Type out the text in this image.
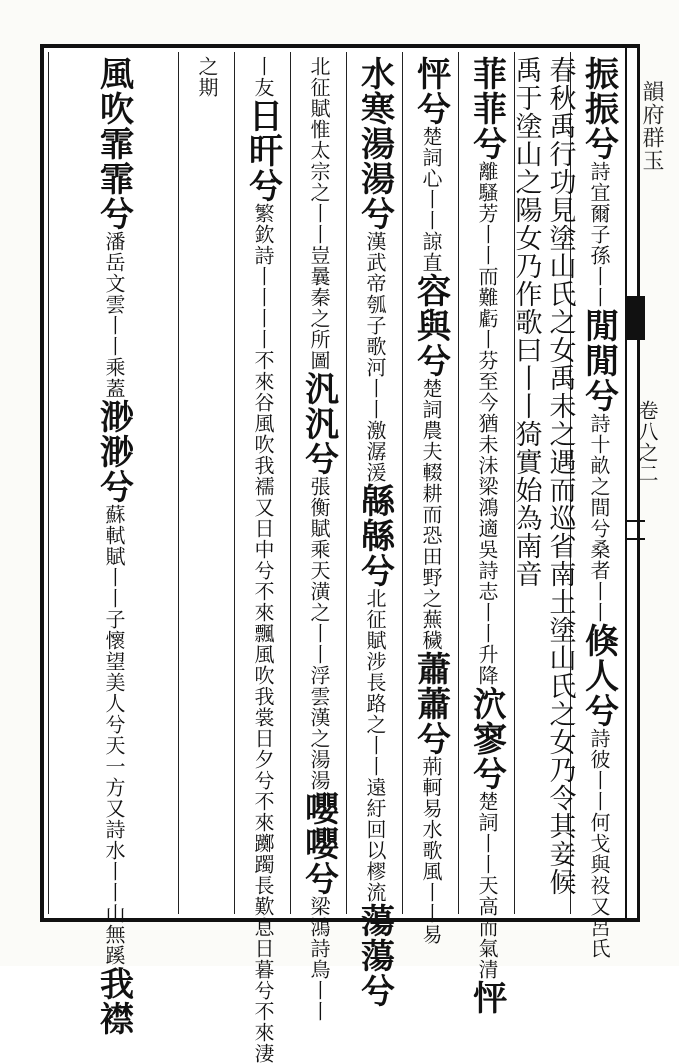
韻府群玉
卷八之二
振振兮
詩宜爾子孫丨丨
閒閒兮
詩十畝之間兮桑者丨丨
倏人兮
詩彼丨丨何戈與祋又呂氏
春秋禹行功見塗山氏之女禹未之遇而巡省南土塗山氏之女乃令其妾候禹于塗山之陽女乃作歌曰丨丨猗實始為南音
菲菲兮
離騷芳丨丨而難虧丨芬至今猶未沬梁鴻適吳詩志丨丨升降
泬寥兮
楚詞丨丨天高而氣清
怦
怦兮
楚詞心丨丨諒直
容與兮
楚詞農夫輟耕而恐田野之蕪穢
蕭蕭兮
荊軻易水歌風丨丨易
水寒
湯湯兮
漢武帝瓠子歌河丨丨激潺湲
緜緜兮
北征賦涉長路之丨丨遠紆回以樛流
蕩蕩兮
北征賦惟太宗之丨丨豈曩秦之所圖
汎汎兮
張衡賦乘天潢之丨丨浮雲漢之湯湯
嚶嚶兮
梁鴻詩鳥丨丨
丨友
日旰兮
繁欽詩丨丨丨丨不來谷風吹我襦又日中兮不來飄風吹我裳日夕兮不來躑躅長歎息日暮兮不來淒
之期
風吹霏霏兮
潘岳文雲丨丨乘蓋
渺渺兮
蘇軾賦丨丨子懷望美人兮天一方又詩水丨丨山無蹊
我襟
